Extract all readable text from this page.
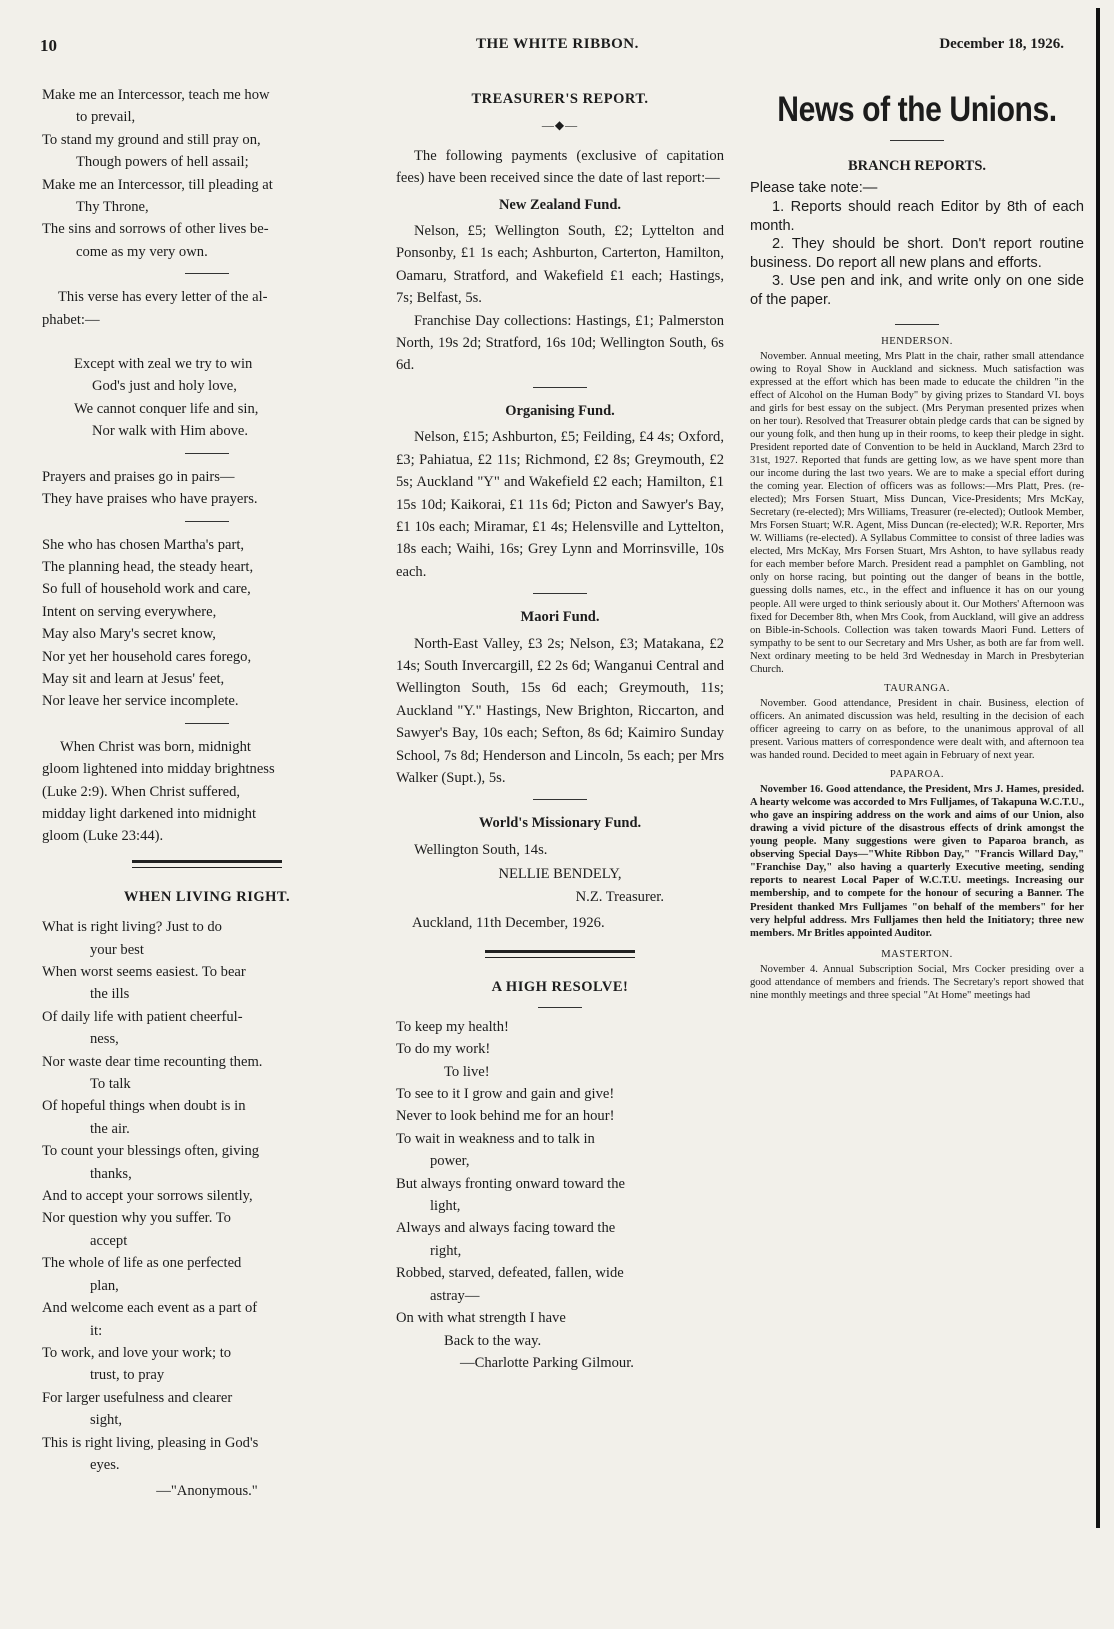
10	THE WHITE RIBBON.	December 18, 1926.
Make me an Intercessor, teach me how
to prevail,
To stand my ground and still pray on,
Though powers of hell assail;
Make me an Intercessor, till pleading at
Thy Throne,
The sins and sorrows of other lives be-
come as my very own.
This verse has every letter of the al-
phabet:—
Except with zeal we try to win
God's just and holy love,
We cannot conquer life and sin,
Nor walk with Him above.
Prayers and praises go in pairs—
They have praises who have prayers.
She who has chosen Martha's part,
The planning head, the steady heart,
So full of household work and care,
Intent on serving everywhere,
May also Mary's secret know,
Nor yet her household cares forego,
May sit and learn at Jesus' feet,
Nor leave her service incomplete.
When Christ was born, midnight
gloom lightened into midday brightness
(Luke 2:9). When Christ suffered,
midday light darkened into midnight
gloom (Luke 23:44).
WHEN LIVING RIGHT.
What is right living? Just to do
your best
When worst seems easiest. To bear
the ills
Of daily life with patient cheerful-
ness,
Nor waste dear time recounting them.
To talk
Of hopeful things when doubt is in
the air.
To count your blessings often, giving
thanks,
And to accept your sorrows silently,
Nor question why you suffer. To
accept
The whole of life as one perfected
plan,
And welcome each event as a part of
it:
To work, and love your work; to
trust, to pray
For larger usefulness and clearer
sight,
This is right living, pleasing in God's
eyes.
—"Anonymous."
TREASURER'S REPORT.
—◆—

The following payments (exclusive of capitation fees) have been received since the date of last report:—

New Zealand Fund.

Nelson, £5; Wellington South, £2; Lyttelton and Ponsonby, £1 1s each; Ashburton, Carterton, Hamilton, Oamaru, Stratford, and Wakefield £1 each; Hastings, 7s; Belfast, 5s.

Franchise Day collections: Hastings, £1; Palmerston North, 19s 2d; Stratford, 16s 10d; Wellington South, 6s 6d.

Organising Fund.

Nelson, £15; Ashburton, £5; Feilding, £4 4s; Oxford, £3; Pahiatua, £2 11s; Richmond, £2 8s; Greymouth, £2 5s; Auckland "Y" and Wakefield £2 each; Hamilton, £1 15s 10d; Kaikorai, £1 11s 6d; Picton and Sawyer's Bay, £1 10s each; Miramar, £1 4s; Helensville and Lyttelton, 18s each; Waihi, 16s; Grey Lynn and Morrinsville, 10s each.

Maori Fund.

North-East Valley, £3 2s; Nelson, £3; Matakana, £2 14s; South Invercargill, £2 2s 6d; Wanganui Central and Wellington South, 15s 6d each; Greymouth, 11s; Auckland "Y." Hastings, New Brighton, Riccarton, and Sawyer's Bay, 10s each; Sefton, 8s 6d; Kaimiro Sunday School, 7s 8d; Henderson and Lincoln, 5s each; per Mrs Walker (Supt.), 5s.

World's Missionary Fund.

Wellington South, 14s.

NELLIE BENDELY,
N.Z. Treasurer.
Auckland, 11th December, 1926.
A HIGH RESOLVE!
To keep my health!
To do my work!
To live!
To see to it I grow and gain and give!
Never to look behind me for an hour!
To wait in weakness and to talk in
power,
But always fronting onward toward the
light,
Always and always facing toward the
right,
Robbed, starved, defeated, fallen, wide
astray—
On with what strength I have
Back to the way.
—Charlotte Parking Gilmour.
News of the Unions.
BRANCH REPORTS.

Please take note:—

1. Reports should reach Editor by 8th of each month.

2. They should be short. Don't report routine business. Do report all new plans and efforts.

3. Use pen and ink, and write only on one side of the paper.

HENDERSON.

November. Annual meeting, Mrs Platt in the chair, rather small attendance owing to Royal Show in Auckland and sickness. Much satisfaction was expressed at the effort which has been made to educate the children "in the effect of Alcohol on the Human Body" by giving prizes to Standard VI. boys and girls for best essay on the subject. (Mrs Peryman presented prizes when on her tour). Resolved that Treasurer obtain pledge cards that can be signed by our young folk, and then hung up in their rooms, to keep their pledge in sight. President reported date of Convention to be held in Auckland, March 23rd to 31st, 1927. Reported that funds are getting low, as we have spent more than our income during the last two years. We are to make a special effort during the coming year. Election of officers was as follows:—Mrs Platt, Pres. (re-elected); Mrs Forsen Stuart, Miss Duncan, Vice-Presidents; Mrs McKay, Secretary (re-elected); Mrs Williams, Treasurer (re-elected); Outlook Member, Mrs Forsen Stuart; W.R. Agent, Miss Duncan (re-elected); W.R. Reporter, Mrs W. Williams (re-elected). A Syllabus Committee to consist of three ladies was elected, Mrs McKay, Mrs Forsen Stuart, Mrs Ashton, to have syllabus ready for each member before March. President read a pamphlet on Gambling, not only on horse racing, but pointing out the danger of beans in the bottle, guessing dolls names, etc., in the effect and influence it has on our young people. All were urged to think seriously about it. Our Mothers' Afternoon was fixed for December 8th, when Mrs Cook, from Auckland, will give an address on Bible-in-Schools. Collection was taken towards Maori Fund. Letters of sympathy to be sent to our Secretary and Mrs Usher, as both are far from well. Next ordinary meeting to be held 3rd Wednesday in March in Presbyterian Church.

TAURANGA.

November. Good attendance, President in chair. Business, election of officers. An animated discussion was held, resulting in the decision of each officer agreeing to carry on as before, to the unanimous approval of all present. Various matters of correspondence were dealt with, and afternoon tea was handed round. Decided to meet again in February of next year.

PAPAROA.

November 16. Good attendance, the President, Mrs J. Hames, presided. A hearty welcome was accorded to Mrs Fulljames, of Takapuna W.C.T.U., who gave an inspiring address on the work and aims of our Union, also drawing a vivid picture of the disastrous effects of drink amongst the young people. Many suggestions were given to Paparoa branch, as observing Special Days—"White Ribbon Day," "Francis Willard Day," "Franchise Day," also having a quarterly Executive meeting, sending reports to nearest Local Paper of W.C.T.U. meetings. Increasing our membership, and to compete for the honour of securing a Banner. The President thanked Mrs Fulljames "on behalf of the members" for her very helpful address. Mrs Fulljames then held the Initiatory; three new members. Mr Britles appointed Auditor.

MASTERTON.

November 4. Annual Subscription Social, Mrs Cocker presiding over a good attendance of members and friends. The Secretary's report showed that nine monthly meetings and three special "At Home" meetings had
